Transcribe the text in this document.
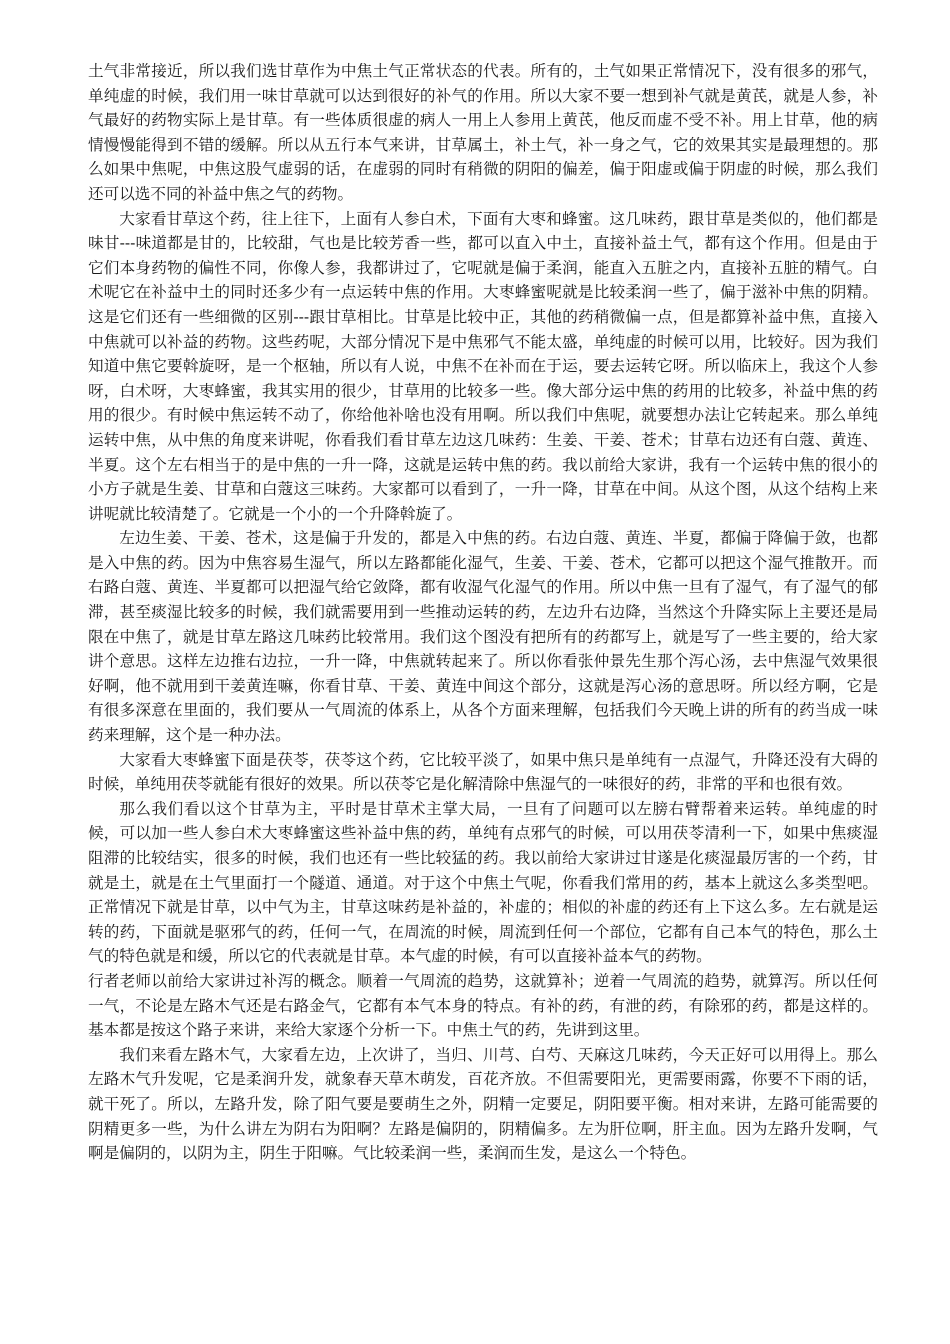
土气非常接近，所以我们选甘草作为中焦土气正常状态的代表。所有的，土气如果正常情况下，没有很多的邪气，单纯虚的时候，我们用一味甘草就可以达到很好的补气的作用。所以大家不要一想到补气就是黄芪，就是人参，补气最好的药物实际上是甘草。有一些体质很虚的病人一用上人参用上黄芪，他反而虚不受不补。用上甘草，他的病情慢慢能得到不错的缓解。所以从五行本气来讲，甘草属土，补土气，补一身之气，它的效果其实是最理想的。那么如果中焦呢，中焦这股气虚弱的话，在虚弱的同时有稍微的阴阳的偏差，偏于阳虚或偏于阴虚的时候，那么我们还可以选不同的补益中焦之气的药物。

大家看甘草这个药，往上往下，上面有人参白术，下面有大枣和蜂蜜。这几味药，跟甘草是类似的，他们都是味甘---味道都是甘的，比较甜，气也是比较芳香一些，都可以直入中土，直接补益土气，都有这个作用。但是由于它们本身药物的偏性不同，你像人参，我都讲过了，它呢就是偏于柔润，能直入五脏之内，直接补五脏的精气。白术呢它在补益中土的同时还多少有一点运转中焦的作用。大枣蜂蜜呢就是比较柔润一些了，偏于滋补中焦的阴精。这是它们还有一些细微的区别---跟甘草相比。甘草是比较中正，其他的药稍微偏一点，但是都算补益中焦，直接入中焦就可以补益的药物。这些药呢，大部分情况下是中焦邪气不能太盛，单纯虚的时候可以用，比较好。因为我们知道中焦它要斡旋呀，是一个枢轴，所以有人说，中焦不在补而在于运，要去运转它呀。所以临床上，我这个人参呀，白术呀，大枣蜂蜜，我其实用的很少，甘草用的比较多一些。像大部分运中焦的药用的比较多，补益中焦的药用的很少。有时候中焦运转不动了，你给他补啥也没有用啊。所以我们中焦呢，就要想办法让它转起来。那么单纯运转中焦，从中焦的角度来讲呢，你看我们看甘草左边这几味药：生姜、干姜、苍术；甘草右边还有白蔻、黄连、半夏。这个左右相当于的是中焦的一升一降，这就是运转中焦的药。我以前给大家讲，我有一个运转中焦的很小的小方子就是生姜、甘草和白蔻这三味药。大家都可以看到了，一升一降，甘草在中间。从这个图，从这个结构上来讲呢就比较清楚了。它就是一个小的一个升降斡旋了。

左边生姜、干姜、苍术，这是偏于升发的，都是入中焦的药。右边白蔻、黄连、半夏，都偏于降偏于敛，也都是入中焦的药。因为中焦容易生湿气，所以左路都能化湿气，生姜、干姜、苍术，它都可以把这个湿气推散开。而右路白蔻、黄连、半夏都可以把湿气给它敛降，都有收湿气化湿气的作用。所以中焦一旦有了湿气，有了湿气的郁滞，甚至痰湿比较多的时候，我们就需要用到一些推动运转的药，左边升右边降，当然这个升降实际上主要还是局限在中焦了，就是甘草左路这几味药比较常用。我们这个图没有把所有的药都写上，就是写了一些主要的，给大家讲个意思。这样左边推右边拉，一升一降，中焦就转起来了。所以你看张仲景先生那个泻心汤，去中焦湿气效果很好啊，他不就用到干姜黄连嘛，你看甘草、干姜、黄连中间这个部分，这就是泻心汤的意思呀。所以经方啊，它是有很多深意在里面的，我们要从一气周流的体系上，从各个方面来理解，包括我们今天晚上讲的所有的药当成一味药来理解，这个是一种办法。

大家看大枣蜂蜜下面是茯苓，茯苓这个药，它比较平淡了，如果中焦只是单纯有一点湿气，升降还没有大碍的时候，单纯用茯苓就能有很好的效果。所以茯苓它是化解清除中焦湿气的一味很好的药，非常的平和也很有效。

那么我们看以这个甘草为主，平时是甘草术主掌大局，一旦有了问题可以左膀右臂帮着来运转。单纯虚的时候，可以加一些人参白术大枣蜂蜜这些补益中焦的药，单纯有点邪气的时候，可以用茯苓清利一下，如果中焦痰湿阻滞的比较结实，很多的时候，我们也还有一些比较猛的药。我以前给大家讲过甘遂是化痰湿最厉害的一个药，甘就是土，就是在土气里面打一个隧道、通道。对于这个中焦土气呢，你看我们常用的药，基本上就这么多类型吧。正常情况下就是甘草，以中气为主，甘草这味药是补益的，补虚的；相似的补虚的药还有上下这么多。左右就是运转的药，下面就是驱邪气的药，任何一气，在周流的时候，周流到任何一个部位，它都有自己本气的特色，那么土气的特色就是和缓，所以它的代表就是甘草。本气虚的时候，有可以直接补益本气的药物。

行者老师以前给大家讲过补泻的概念。顺着一气周流的趋势，这就算补；逆着一气周流的趋势，就算泻。所以任何一气，不论是左路木气还是右路金气，它都有本气本身的特点。有补的药，有泄的药，有除邪的药，都是这样的。基本都是按这个路子来讲，来给大家逐个分析一下。中焦土气的药，先讲到这里。

我们来看左路木气，大家看左边，上次讲了，当归、川芎、白芍、天麻这几味药，今天正好可以用得上。那么左路木气升发呢，它是柔润升发，就象春天草木萌发，百花齐放。不但需要阳光，更需要雨露，你要不下雨的话，就干死了。所以，左路升发，除了阳气要是要萌生之外，阴精一定要足，阴阳要平衡。相对来讲，左路可能需要的阴精更多一些，为什么讲左为阴右为阳啊？左路是偏阴的，阴精偏多。左为肝位啊，肝主血。因为左路升发啊，气啊是偏阴的，以阴为主，阴生于阳嘛。气比较柔润一些，柔润而生发，是这么一个特色。
